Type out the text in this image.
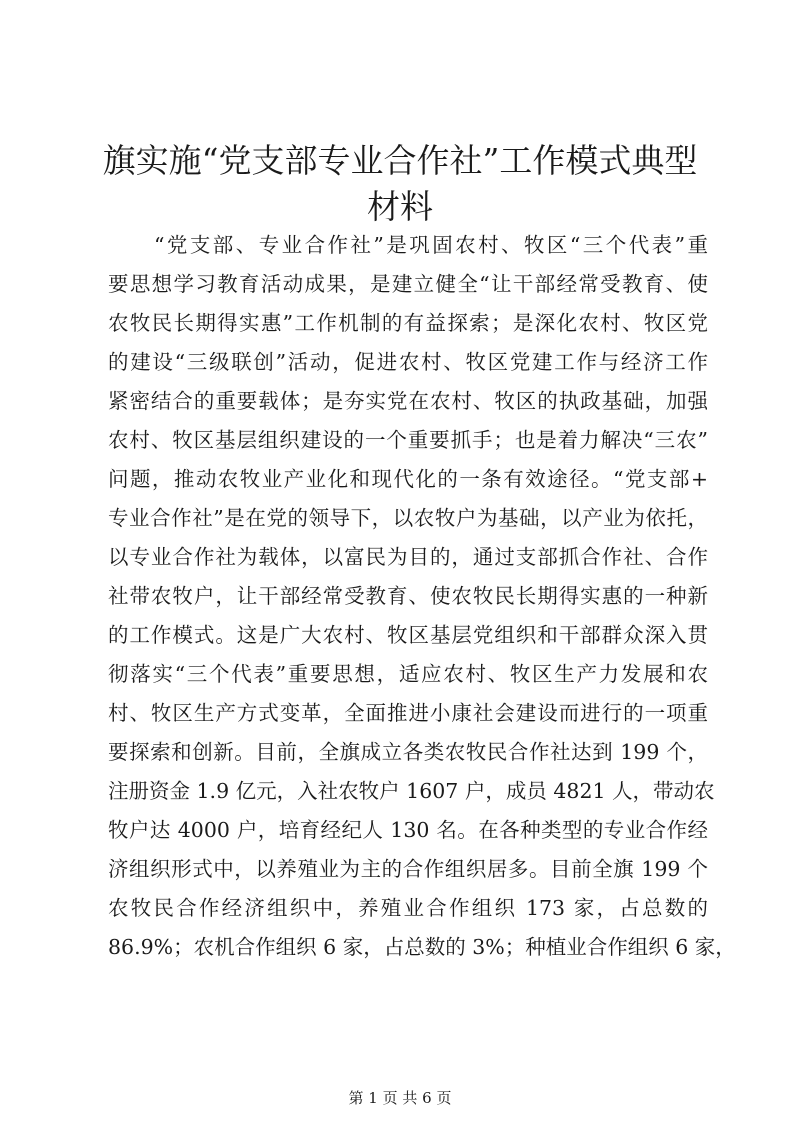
旗实施“党支部专业合作社”工作模式典型材料
“党支部、专业合作社”是巩固农村、牧区“三个代表”重
要思想学习教育活动成果，是建立健全“让干部经常受教育、使
农牧民长期得实惠”工作机制的有益探索；是深化农村、牧区党
的建设“三级联创”活动，促进农村、牧区党建工作与经济工作
紧密结合的重要载体；是夯实党在农村、牧区的执政基础，加强
农村、牧区基层组织建设的一个重要抓手；也是着力解决“三农”
问题，推动农牧业产业化和现代化的一条有效途径。“党支部+
专业合作社”是在党的领导下，以农牧户为基础，以产业为依托，
以专业合作社为载体，以富民为目的，通过支部抓合作社、合作
社带农牧户，让干部经常受教育、使农牧民长期得实惠的一种新
的工作模式。这是广大农村、牧区基层党组织和干部群众深入贯
彻落实“三个代表”重要思想，适应农村、牧区生产力发展和农
村、牧区生产方式变革，全面推进小康社会建设而进行的一项重
要探索和创新。目前，全旗成立各类农牧民合作社达到 199 个，
注册资金 1.9 亿元，入社农牧户 1607 户，成员 4821 人，带动农
牧户达 4000 户，培育经纪人 130 名。在各种类型的专业合作经
济组织形式中，以养殖业为主的合作组织居多。目前全旗 199 个
农牧民合作经济组织中，养殖业合作组织 173 家，占总数的
86.9%；农机合作组织 6 家，占总数的 3%；种植业合作组织 6 家，
第 1 页 共 6 页
